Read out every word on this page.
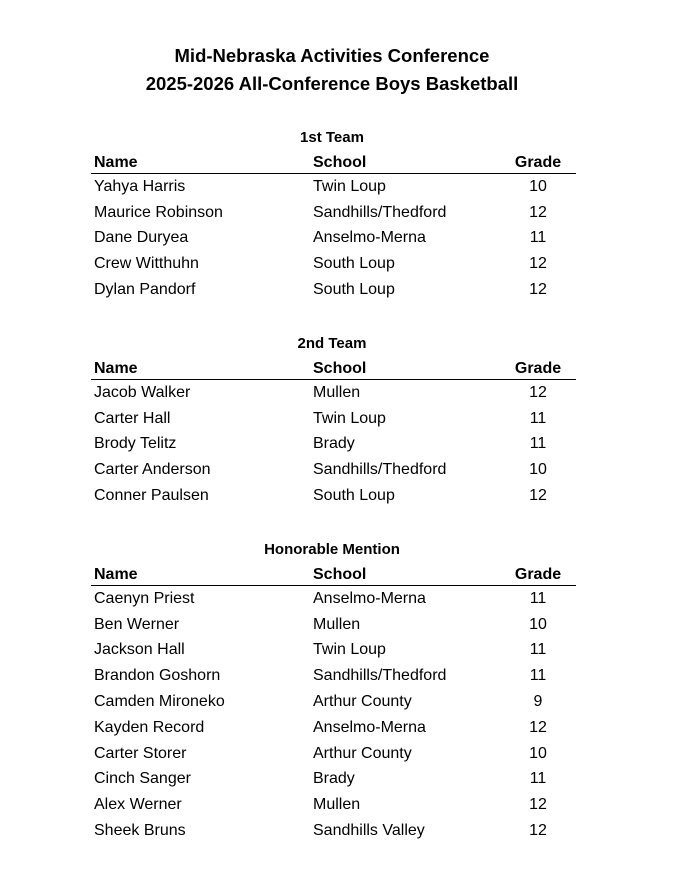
Mid-Nebraska Activities Conference
2025-2026 All-Conference Boys Basketball
1st Team
Name	School	Grade
Yahya Harris	Twin Loup	10
Maurice Robinson	Sandhills/Thedford	12
Dane Duryea	Anselmo-Merna	11
Crew Witthuhn	South Loup	12
Dylan Pandorf	South Loup	12
2nd Team
Name	School	Grade
Jacob Walker	Mullen	12
Carter Hall	Twin Loup	11
Brody Telitz	Brady	11
Carter Anderson	Sandhills/Thedford	10
Conner Paulsen	South Loup	12
Honorable Mention
Name	School	Grade
Caenyn Priest	Anselmo-Merna	11
Ben Werner	Mullen	10
Jackson Hall	Twin Loup	11
Brandon Goshorn	Sandhills/Thedford	11
Camden Mironeko	Arthur County	9
Kayden Record	Anselmo-Merna	12
Carter Storer	Arthur County	10
Cinch Sanger	Brady	11
Alex Werner	Mullen	12
Sheek Bruns	Sandhills Valley	12
